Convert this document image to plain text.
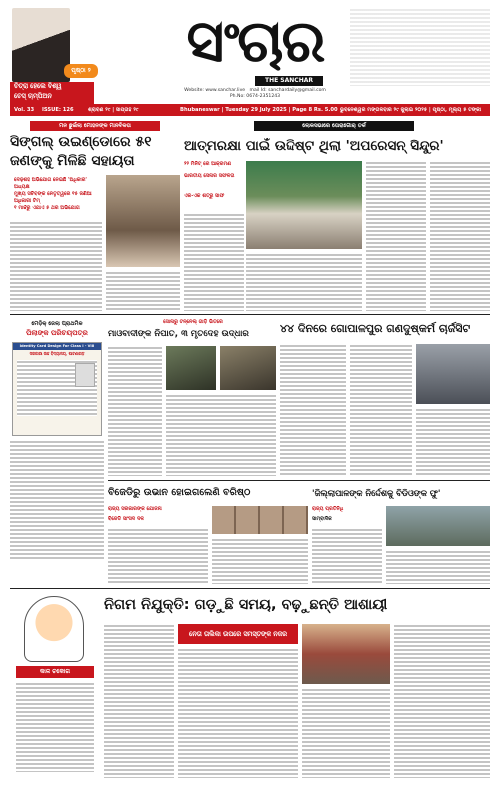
ପୃଷ୍ଠା ୨
ଚିତ୍ରା ହେଲେ ବିଶ୍ୱ
ଚେସ୍ ଚାମ୍ପିଅନ
ସଂଚାର
THE SANCHAR
Website: www.sanchar.live mail Id: sanchardaily@gmail.com
Ph.No: 0674-2351243
Vol. 33 ISSUE: 126	ଶ୍ରାବଣ ୨୯ | ସାପ୍ତାହ ୨୯	Bhubaneswar | Tuesday 29 July 2025 | Page 8 Rs. 5.00 ଭୁବନେଶ୍ୱର ମଙ୍ଗଳବାର ୨୯ ଜୁଲାଇ ୨୦୨୫ | ପୃଷ୍ଠା, ମୂଲ୍ୟ ୫ ଟଙ୍କା
ମନ ଛୁଇଁଲା ମୋହନଙ୍କ ମାନବିକତା
ସିଙ୍ଗଲ୍ ଉଇଣ୍ଡୋରେ ୫୧ ଜଣଙ୍କୁ ମିଳିଛି ସହାୟତା
ଦେଢ଼ଶହ ଅଭିଯୋଗ ନେଇଛି 'ଅଧିକାର' ଅଧ୍ୟକ୍ଷ
ମୁଖ୍ୟ ସଚିବଙ୍କ ନେତୃତ୍ୱରେ ୧୫ ଜଣିଆ ଅଧିକାରୀ ଟିମ୍
୧ ମାର୍ଚ୍ଚରୁ ଏଯାଏ ୫ ଥର ଅଭିଯୋଗ
ଲୋକସଭାରେ ତୋରାଗୋର୍ ତର୍କ
ଆତ୍ମରକ୍ଷା ପାଇଁ ଉଦ୍ଦିଷ୍ଟ ଥିଲା 'ଅପରେସନ୍ ସିନ୍ଦୁର'
୨୨ ମିନିଟ୍ ରେ ଆକ୍ରମଣ
ଭାରତୀୟ ସେନାର ସଫଳତା
ଏକ-ଏକ ଶତ୍ରୁ ସାଫ
ମେଡ଼ିକ୍ ଜେଲା ପ୍ରାଥମିକ
ପିଲାଙ୍କ ପରିଚୟପତ୍ର
Identity Card Design For Class I - VIII
ସରକାରୀ ଉଚ୍ଚ ବିଦ୍ୟାଳୟ, ପାଟଣାଗଡ଼
ସୋନାରୁ ଟନ୍ନେଲ୍ ଗାଡ଼ି ଭିତରେ
ମାଓବାଦୀଙ୍କ ନିପାତ, ୩ ମୃତଦେହ ଉଦ୍ଧାର	୪୪ ଦିନରେ ଗୋପାଳପୁର ଗଣଦୁଷ୍କର୍ମ ଚାର୍ଜସିଟ
ବିଜେଡିରୁ ଉଭାନ ହୋଇଗଲେଣି ବରିଷ୍ଠ
ରାଜ୍ୟ ସରକାରଙ୍କ ଯୋଜନା
ବିଜେଡି ସାଂସଦ ଦଳ
'ଜିଲ୍ଲାପାଳଙ୍କ ନିର୍ଦ୍ଦେଶକୁ ବିଡିଓଙ୍କ ଫୁ'
ରାଜ୍ୟ ପ୍ରତିନିଧି
ସାମ୍ବାଦିକ
ନିଗମ ନିଯୁକ୍ତି: ଗଡ଼ୁଛି ସମୟ, ବଢ଼ୁଛନ୍ତି ଆଶାୟୀ
ନେତା ତାଲିକା ଉପରେ ସମସ୍ତଙ୍କ ନଜର
କାଳ ଚକୋଗ
